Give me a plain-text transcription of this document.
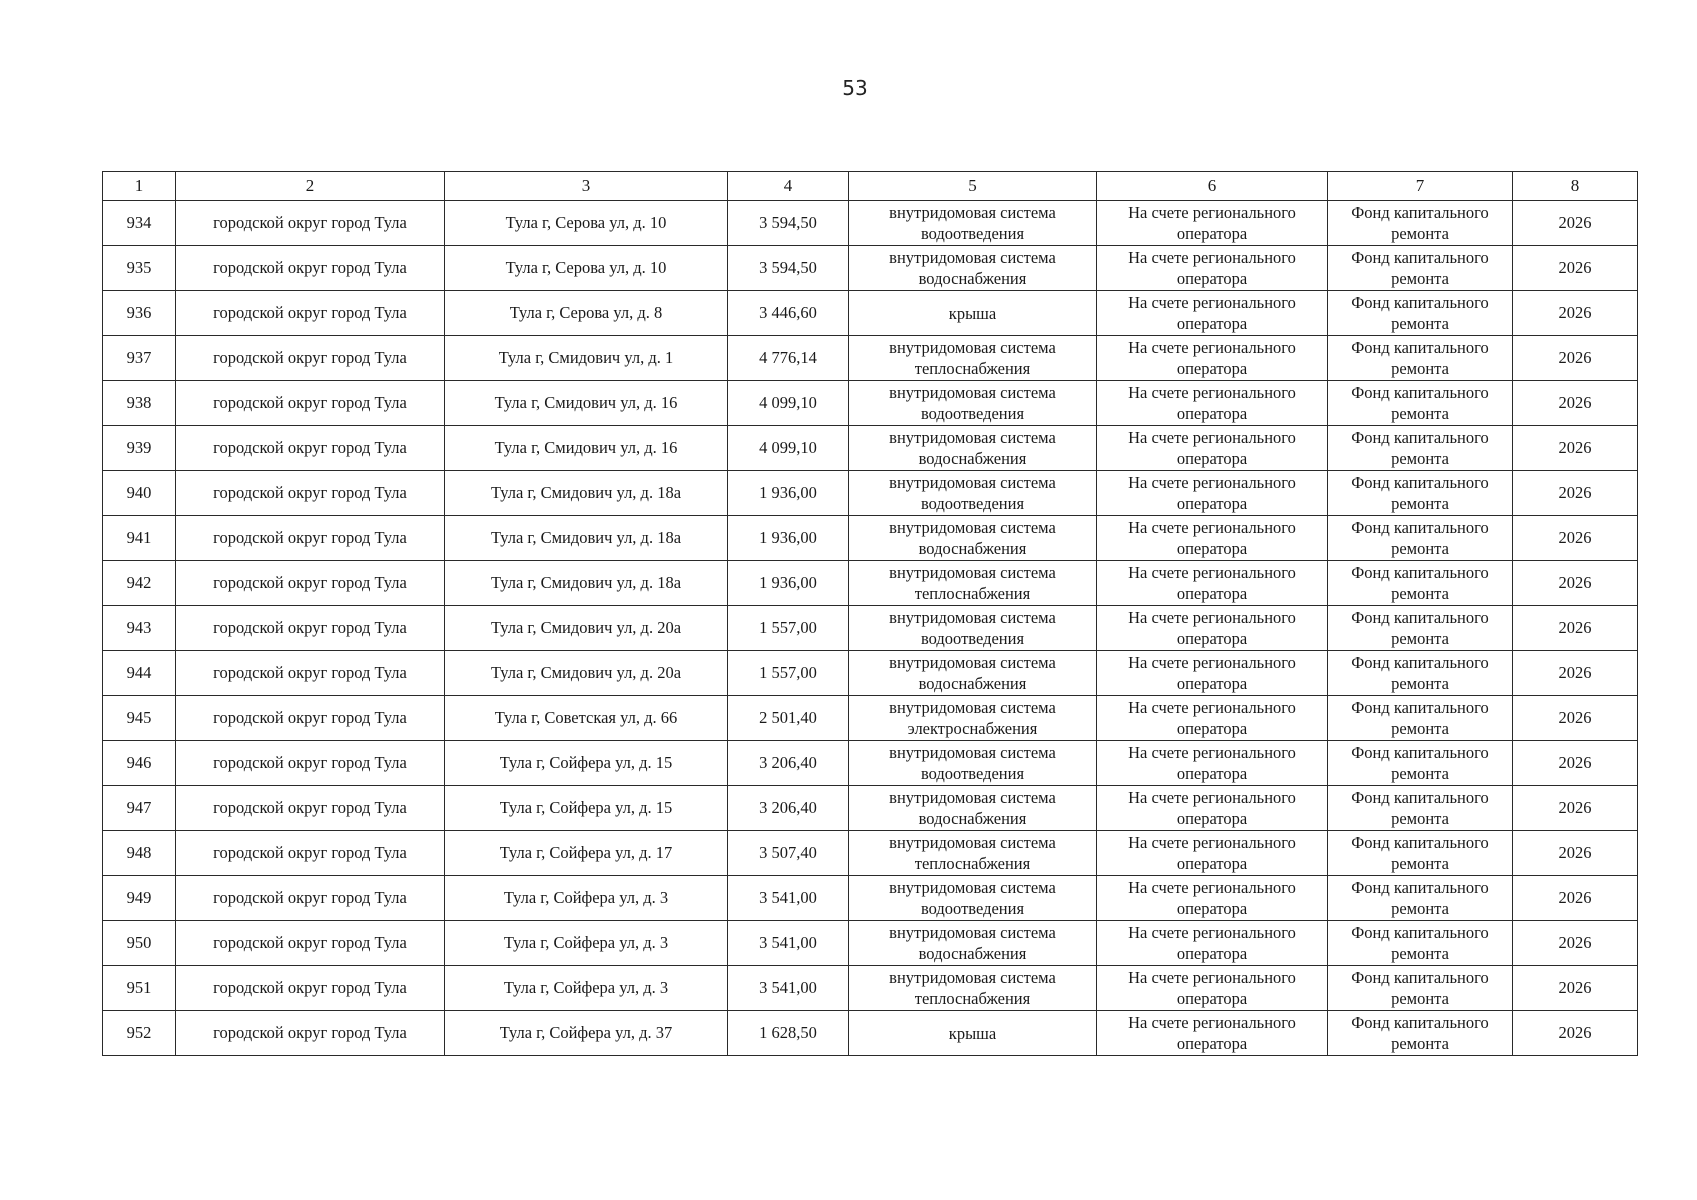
53
1	2	3	4	5	6	7	8
934	городской округ город Тула	Тула г, Серова ул, д. 10	3 594,50	внутридомовая система водоотведения	На счете регионального оператора	Фонд капитального ремонта	2026
935	городской округ город Тула	Тула г, Серова ул, д. 10	3 594,50	внутридомовая система водоснабжения	На счете регионального оператора	Фонд капитального ремонта	2026
936	городской округ город Тула	Тула г, Серова ул, д. 8	3 446,60	крыша	На счете регионального оператора	Фонд капитального ремонта	2026
937	городской округ город Тула	Тула г, Смидович ул, д. 1	4 776,14	внутридомовая система теплоснабжения	На счете регионального оператора	Фонд капитального ремонта	2026
938	городской округ город Тула	Тула г, Смидович ул, д. 16	4 099,10	внутридомовая система водоотведения	На счете регионального оператора	Фонд капитального ремонта	2026
939	городской округ город Тула	Тула г, Смидович ул, д. 16	4 099,10	внутридомовая система водоснабжения	На счете регионального оператора	Фонд капитального ремонта	2026
940	городской округ город Тула	Тула г, Смидович ул, д. 18а	1 936,00	внутридомовая система водоотведения	На счете регионального оператора	Фонд капитального ремонта	2026
941	городской округ город Тула	Тула г, Смидович ул, д. 18а	1 936,00	внутридомовая система водоснабжения	На счете регионального оператора	Фонд капитального ремонта	2026
942	городской округ город Тула	Тула г, Смидович ул, д. 18а	1 936,00	внутридомовая система теплоснабжения	На счете регионального оператора	Фонд капитального ремонта	2026
943	городской округ город Тула	Тула г, Смидович ул, д. 20а	1 557,00	внутридомовая система водоотведения	На счете регионального оператора	Фонд капитального ремонта	2026
944	городской округ город Тула	Тула г, Смидович ул, д. 20а	1 557,00	внутридомовая система водоснабжения	На счете регионального оператора	Фонд капитального ремонта	2026
945	городской округ город Тула	Тула г, Советская ул, д. 66	2 501,40	внутридомовая система электроснабжения	На счете регионального оператора	Фонд капитального ремонта	2026
946	городской округ город Тула	Тула г, Сойфера ул, д. 15	3 206,40	внутридомовая система водоотведения	На счете регионального оператора	Фонд капитального ремонта	2026
947	городской округ город Тула	Тула г, Сойфера ул, д. 15	3 206,40	внутридомовая система водоснабжения	На счете регионального оператора	Фонд капитального ремонта	2026
948	городской округ город Тула	Тула г, Сойфера ул, д. 17	3 507,40	внутридомовая система теплоснабжения	На счете регионального оператора	Фонд капитального ремонта	2026
949	городской округ город Тула	Тула г, Сойфера ул, д. 3	3 541,00	внутридомовая система водоотведения	На счете регионального оператора	Фонд капитального ремонта	2026
950	городской округ город Тула	Тула г, Сойфера ул, д. 3	3 541,00	внутридомовая система водоснабжения	На счете регионального оператора	Фонд капитального ремонта	2026
951	городской округ город Тула	Тула г, Сойфера ул, д. 3	3 541,00	внутридомовая система теплоснабжения	На счете регионального оператора	Фонд капитального ремонта	2026
952	городской округ город Тула	Тула г, Сойфера ул, д. 37	1 628,50	крыша	На счете регионального оператора	Фонд капитального ремонта	2026
